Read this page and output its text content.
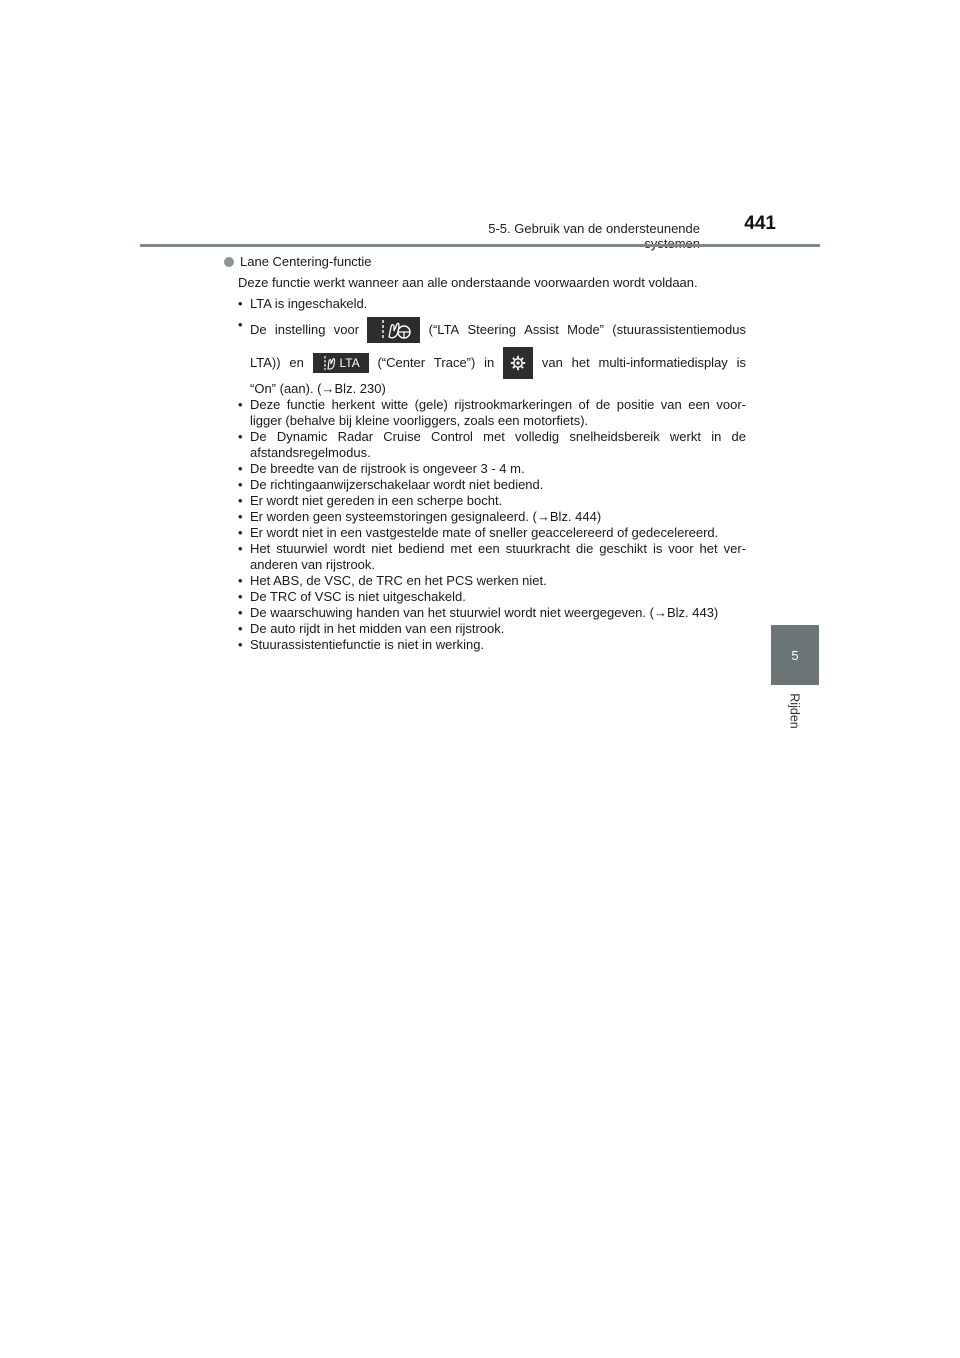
5-5. Gebruik van de ondersteunende	441
5
Rijden
Lane Centering-functie
Deze functie werkt wanneer aan alle onderstaande voorwaarden wordt voldaan.
• LTA is ingeschakeld.
• De instelling voor	(“LTA Steering Assist Mode” (stuurassistentiemodus
LTA)) en	LTA (“Center Trace”) in	van het multi-informatiedisplay is
“On” (aan). (→Blz. 230)
• Deze functie herkent witte (gele) rijstrookmarkeringen of de positie van een voor-ligger (behalve bij kleine voorliggers, zoals een motorfiets).
• De Dynamic Radar Cruise Control met volledig snelheidsbereik werkt in de afstandsregelmodus.
• De breedte van de rijstrook is ongeveer 3 - 4 m.
• De richtingaanwijzerschakelaar wordt niet bediend.
• Er wordt niet gereden in een scherpe bocht.
• Er worden geen systeemstoringen gesignaleerd. (→Blz. 444)
• Er wordt niet in een vastgestelde mate of sneller geaccelereerd of gedecelereerd.
• Het stuurwiel wordt niet bediend met een stuurkracht die geschikt is voor het ver-anderen van rijstrook.
• Het ABS, de VSC, de TRC en het PCS werken niet.
• De TRC of VSC is niet uitgeschakeld.
• De waarschuwing handen van het stuurwiel wordt niet weergegeven. (→Blz. 443)
• De auto rijdt in het midden van een rijstrook.
• Stuurassistentiefunctie is niet in werking.
